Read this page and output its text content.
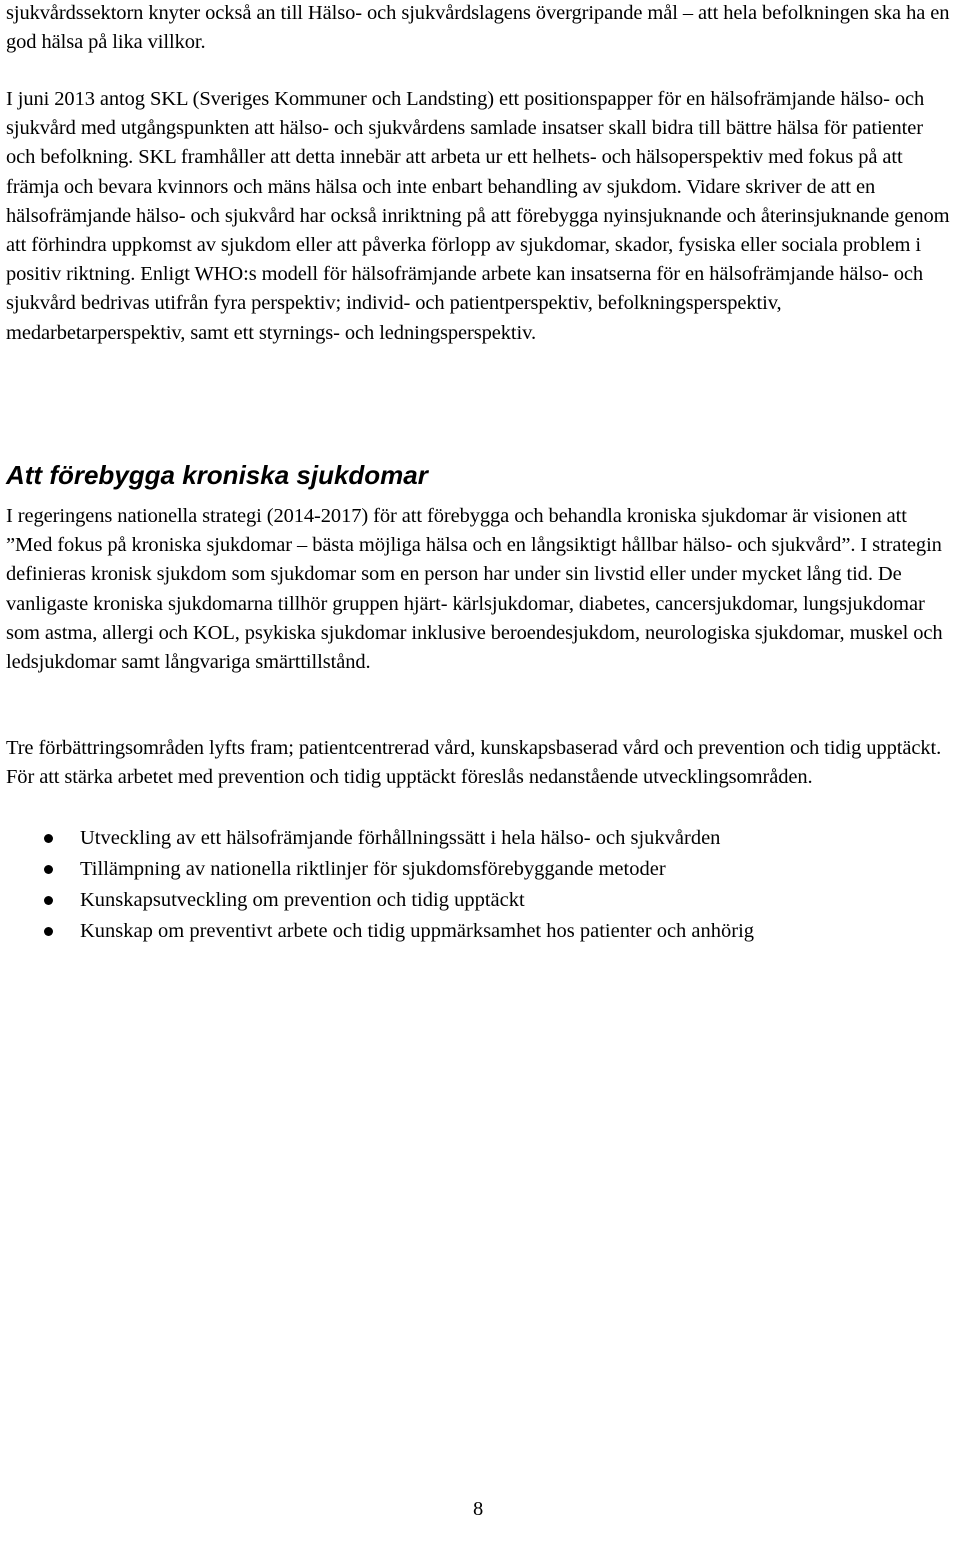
sjukvårdssektorn knyter också an till Hälso- och sjukvårdslagens övergripande mål – att hela befolkningen ska ha en god hälsa på lika villkor.

I juni 2013 antog SKL (Sveriges Kommuner och Landsting) ett positionspapper för en hälsofrämjande hälso- och sjukvård med utgångspunkten att hälso- och sjukvårdens samlade insatser skall bidra till bättre hälsa för patienter och befolkning. SKL framhåller att detta innebär att arbeta ur ett helhets- och hälsoperspektiv med fokus på att främja och bevara kvinnors och mäns hälsa och inte enbart behandling av sjukdom. Vidare skriver de att en hälsofrämjande hälso- och sjukvård har också inriktning på att förebygga nyinsjuknande och återinsjuknande genom att förhindra uppkomst av sjukdom eller att påverka förlopp av sjukdomar, skador, fysiska eller sociala problem i positiv riktning. Enligt WHO:s modell för hälsofrämjande arbete kan insatserna för en hälsofrämjande hälso- och sjukvård bedrivas utifrån fyra perspektiv; individ- och patientperspektiv, befolkningsperspektiv, medarbetarperspektiv, samt ett styrnings- och ledningsperspektiv.

Att förebygga kroniska sjukdomar

I regeringens nationella strategi (2014-2017) för att förebygga och behandla kroniska sjukdomar är visionen att ”Med fokus på kroniska sjukdomar – bästa möjliga hälsa och en långsiktigt hållbar hälso- och sjukvård”. I strategin definieras kronisk sjukdom som sjukdomar som en person har under sin livstid eller under mycket lång tid. De vanligaste kroniska sjukdomarna tillhör gruppen hjärt- kärlsjukdomar, diabetes, cancersjukdomar, lungsjukdomar som astma, allergi och KOL, psykiska sjukdomar inklusive beroendesjukdom, neurologiska sjukdomar, muskel och ledsjukdomar samt långvariga smärttillstånd.

Tre förbättringsområden lyfts fram; patientcentrerad vård, kunskapsbaserad vård och prevention och tidig upptäckt. För att stärka arbetet med prevention och tidig upptäckt föreslås nedanstående utvecklingsområden.

Utveckling av ett hälsofrämjande förhållningssätt i hela hälso- och sjukvården
Tillämpning av nationella riktlinjer för sjukdomsförebyggande metoder
Kunskapsutveckling om prevention och tidig upptäckt
Kunskap om preventivt arbete och tidig uppmärksamhet hos patienter och anhörig
8
